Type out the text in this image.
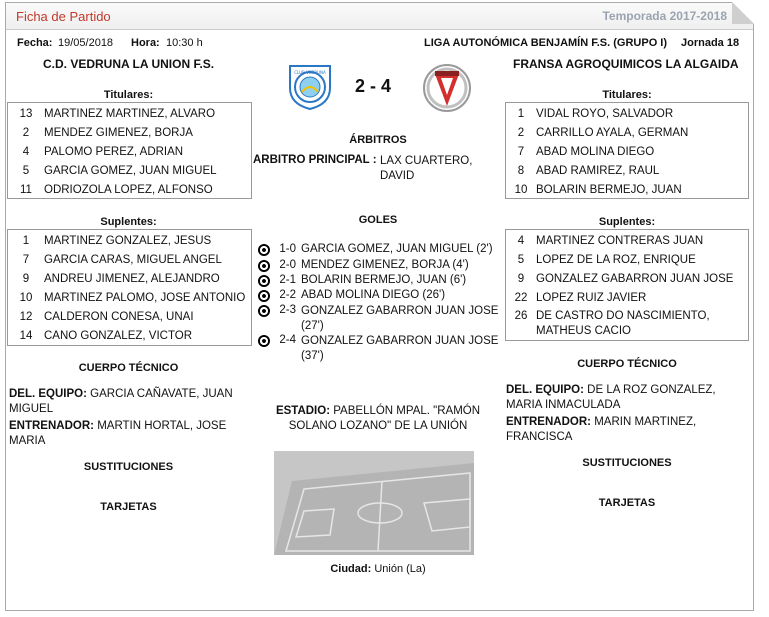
Ficha de Partido	Temporada 2017-2018
Fecha: 19/05/2018 Hora: 10:30 h	LIGA AUTONÓMICA BENJAMÍN F.S. (GRUPO I) Jornada 18
C.D. VEDRUNA LA UNION F.S.	FRANSA AGROQUIMICOS LA ALGAIDA
CLUB VEDRUNA
2 - 4
Titulares:
13	MARTINEZ MARTINEZ, ALVARO
2	MENDEZ GIMENEZ, BORJA
4	PALOMO PEREZ, ADRIAN
5	GARCIA GOMEZ, JUAN MIGUEL
11	ODRIOZOLA LOPEZ, ALFONSO
Suplentes:
1	MARTINEZ GONZALEZ, JESUS
7	GARCIA CARAS, MIGUEL ANGEL
9	ANDREU JIMENEZ, ALEJANDRO
10	MARTINEZ PALOMO, JOSE ANTONIO
12	CALDERON CONESA, UNAI
14	CANO GONZALEZ, VICTOR
CUERPO TÉCNICO
DEL. EQUIPO: GARCIA CAÑAVATE, JUAN MIGUEL
ENTRENADOR: MARTIN HORTAL, JOSE MARIA
SUSTITUCIONES
TARJETAS
Titulares:
1	VIDAL ROYO, SALVADOR
2	CARRILLO AYALA, GERMAN
7	ABAD MOLINA DIEGO
8	ABAD RAMIREZ, RAUL
10 BOLARIN BERMEJO, JUAN
Suplentes:
4	MARTINEZ CONTRERAS JUAN
5	LOPEZ DE LA ROZ, ENRIQUE
9	GONZALEZ GABARRON JUAN JOSE
22 LOPEZ RUIZ JAVIER
26 DE CASTRO DO NASCIMIENTO, MATHEUS CACIO
CUERPO TÉCNICO
DEL. EQUIPO: DE LA ROZ GONZALEZ, MARIA INMACULADA
ENTRENADOR: MARIN MARTINEZ, FRANCISCA
SUSTITUCIONES
TARJETAS
ÁRBITROS
ARBITRO PRINCIPAL : LAX CUARTERO, DAVID
GOLES
1-0 GARCIA GOMEZ, JUAN MIGUEL (2')
2-0 MENDEZ GIMENEZ, BORJA (4')
2-1 BOLARIN BERMEJO, JUAN (6')
2-2 ABAD MOLINA DIEGO (26')
2-3 GONZALEZ GABARRON JUAN JOSE (27')
2-4 GONZALEZ GABARRON JUAN JOSE (37')
ESTADIO: PABELLÓN MPAL. "RAMÓN SOLANO LOZANO" DE LA UNIÓN
Ciudad: Unión (La)
